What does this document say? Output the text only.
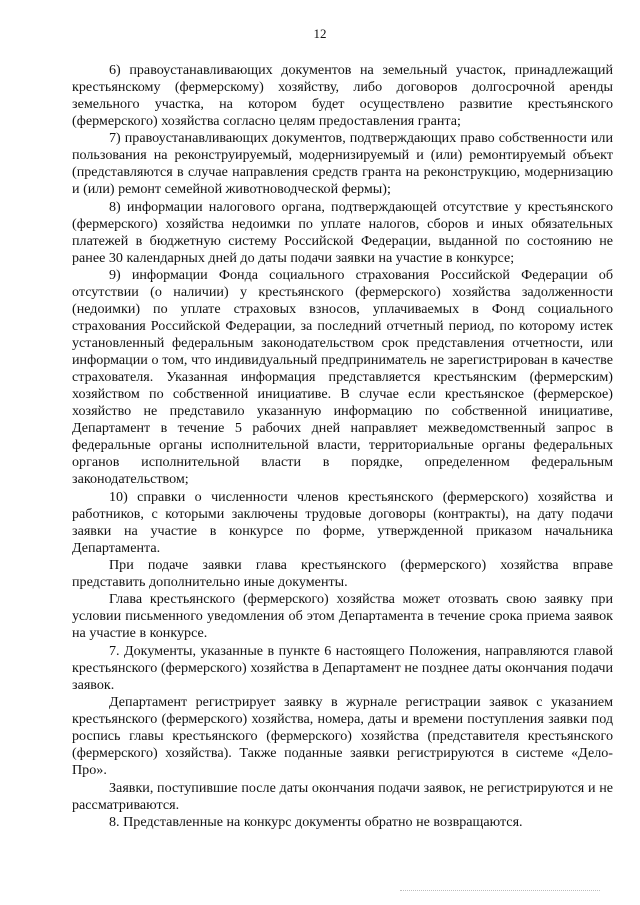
12

6) правоустанавливающих документов на земельный участок, принадлежащий крестьянскому (фермерскому) хозяйству, либо договоров долгосрочной аренды земельного участка, на котором будет осуществлено развитие крестьянского (фермерского) хозяйства согласно целям предоставления гранта;

7) правоустанавливающих документов, подтверждающих право собственности или пользования на реконструируемый, модернизируемый и (или) ремонтируемый объект (представляются в случае направления средств гранта на реконструкцию, модернизацию и (или) ремонт семейной животноводческой фермы);

8) информации налогового органа, подтверждающей отсутствие у крестьянского (фермерского) хозяйства недоимки по уплате налогов, сборов и иных обязательных платежей в бюджетную систему Российской Федерации, выданной по состоянию не ранее 30 календарных дней до даты подачи заявки на участие в конкурсе;

9) информации Фонда социального страхования Российской Федерации об отсутствии (о наличии) у крестьянского (фермерского) хозяйства задолженности (недоимки) по уплате страховых взносов, уплачиваемых в Фонд социального страхования Российской Федерации, за последний отчетный период, по которому истек установленный федеральным законодательством срок представления отчетности, или информации о том, что индивидуальный предприниматель не зарегистрирован в качестве страхователя. Указанная информация представляется крестьянским (фермерским) хозяйством по собственной инициативе. В случае если крестьянское (фермерское) хозяйство не представило указанную информацию по собственной инициативе, Департамент в течение 5 рабочих дней направляет межведомственный запрос в федеральные органы исполнительной власти, территориальные органы федеральных органов исполнительной власти в порядке, определенном федеральным законодательством;

10) справки о численности членов крестьянского (фермерского) хозяйства и работников, с которыми заключены трудовые договоры (контракты), на дату подачи заявки на участие в конкурсе по форме, утвержденной приказом начальника Департамента.

При подаче заявки глава крестьянского (фермерского) хозяйства вправе представить дополнительно иные документы.

Глава крестьянского (фермерского) хозяйства может отозвать свою заявку при условии письменного уведомления об этом Департамента в течение срока приема заявок на участие в конкурсе.

7. Документы, указанные в пункте 6 настоящего Положения, направляются главой крестьянского (фермерского) хозяйства в Департамент не позднее даты окончания подачи заявок.

Департамент регистрирует заявку в журнале регистрации заявок с указанием крестьянского (фермерского) хозяйства, номера, даты и времени поступления заявки под роспись главы крестьянского (фермерского) хозяйства (представителя крестьянского (фермерского) хозяйства). Также поданные заявки регистрируются в системе «Дело-Про».

Заявки, поступившие после даты окончания подачи заявок, не регистрируются и не рассматриваются.

8. Представленные на конкурс документы обратно не возвращаются.
